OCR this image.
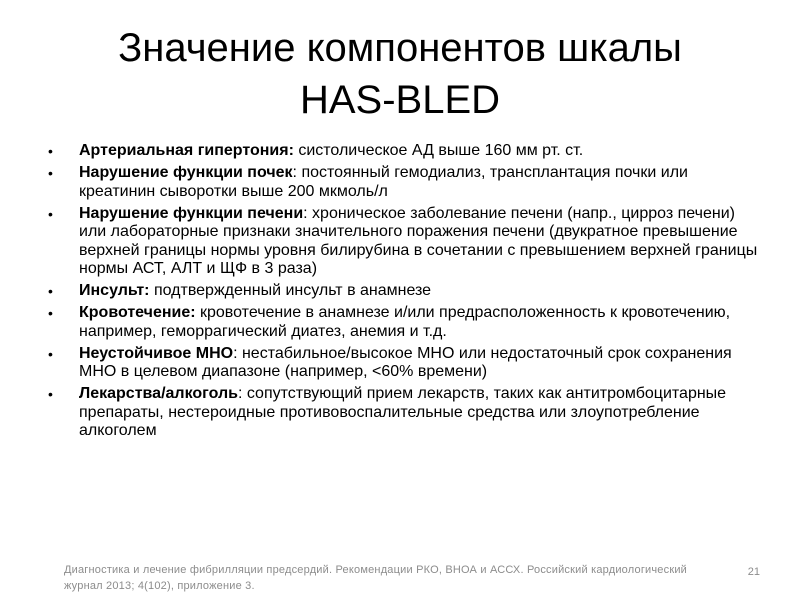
Значение компонентов шкалы
HAS-BLED
• Артериальная гипертония: систолическое АД выше 160 мм рт. ст.
• Нарушение функции почек: постоянный гемодиализ, трансплантация почки или креатинин сыворотки выше 200 мкмоль/л
• Нарушение функции печени: хроническое заболевание печени (напр., цирроз печени) или лабораторные признаки значительного поражения печени (двукратное превышение верхней границы нормы уровня билирубина в сочетании с превышением верхней границы нормы АСТ, АЛТ и ЩФ в 3 раза)
• Инсульт: подтвержденный инсульт в анамнезе
• Кровотечение: кровотечение в анамнезе и/или предрасположенность к кровотечению, например, геморрагический диатез, анемия и т.д.
• Неустойчивое МНО: нестабильное/высокое МНО или недостаточный срок сохранения МНО в целевом диапазоне (например, <60% времени)
• Лекарства/алкоголь: сопутствующий прием лекарств, таких как антитромбоцитарные препараты, нестероидные противовоспалительные средства или злоупотребление алкоголем
Диагностика и лечение фибрилляции предсердий. Рекомендации РКО, ВНОА и АССХ. Российский кардиологический журнал 2013; 4(102), приложение 3.
21
